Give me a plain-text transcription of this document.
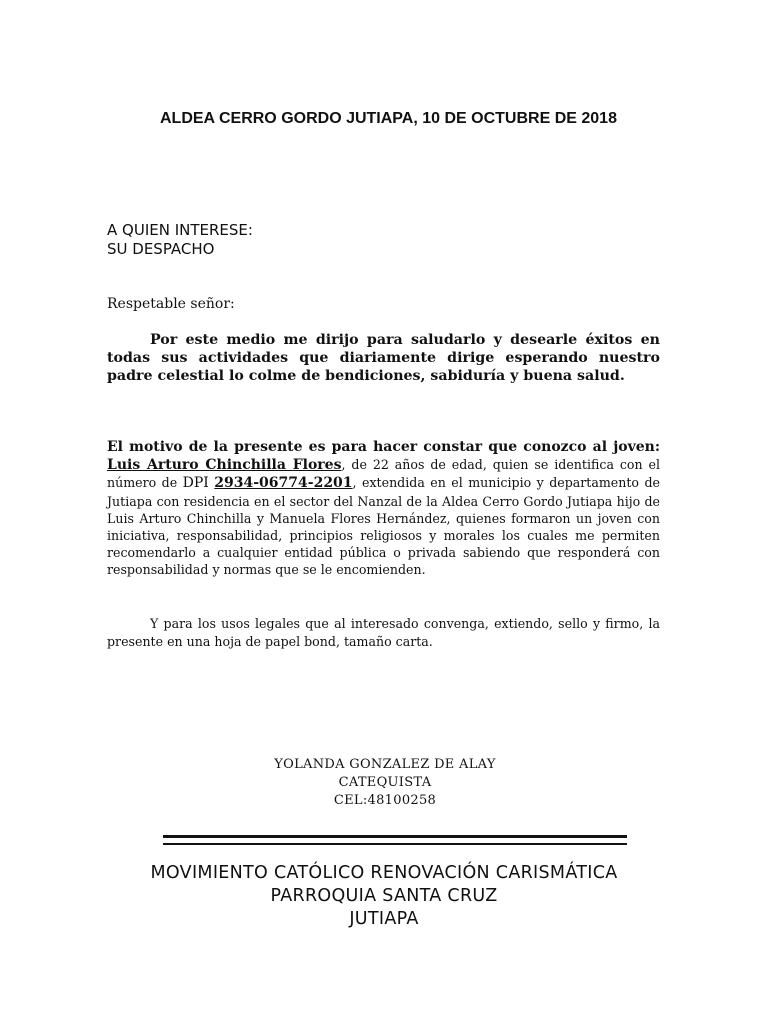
ALDEA CERRO GORDO JUTIAPA, 10 DE OCTUBRE DE 2018
A QUIEN INTERESE:
SU DESPACHO
Respetable señor:
Por este medio me dirijo para saludarlo y desearle éxitos en todas sus actividades que diariamente dirige esperando nuestro padre celestial lo colme de bendiciones, sabiduría y buena salud.
El motivo de la presente es para hacer constar que conozco al joven: Luis Arturo Chinchilla Flores, de 22 años de edad, quien se identifica con el número de DPI 2934-06774-2201, extendida en el municipio y departamento de Jutiapa con residencia en el sector del Nanzal de la Aldea Cerro Gordo Jutiapa hijo de Luis Arturo Chinchilla y Manuela Flores Hernández, quienes formaron un joven con iniciativa, responsabilidad, principios religiosos y morales los cuales me permiten recomendarlo a cualquier entidad pública o privada sabiendo que responderá con responsabilidad y normas que se le encomienden.
Y para los usos legales que al interesado convenga, extiendo, sello y firmo, la presente en una hoja de papel bond, tamaño carta.
YOLANDA GONZALEZ DE ALAY
CATEQUISTA
CEL:48100258
MOVIMIENTO CATÓLICO RENOVACIÓN CARISMÁTICA
PARROQUIA SANTA CRUZ
JUTIAPA
